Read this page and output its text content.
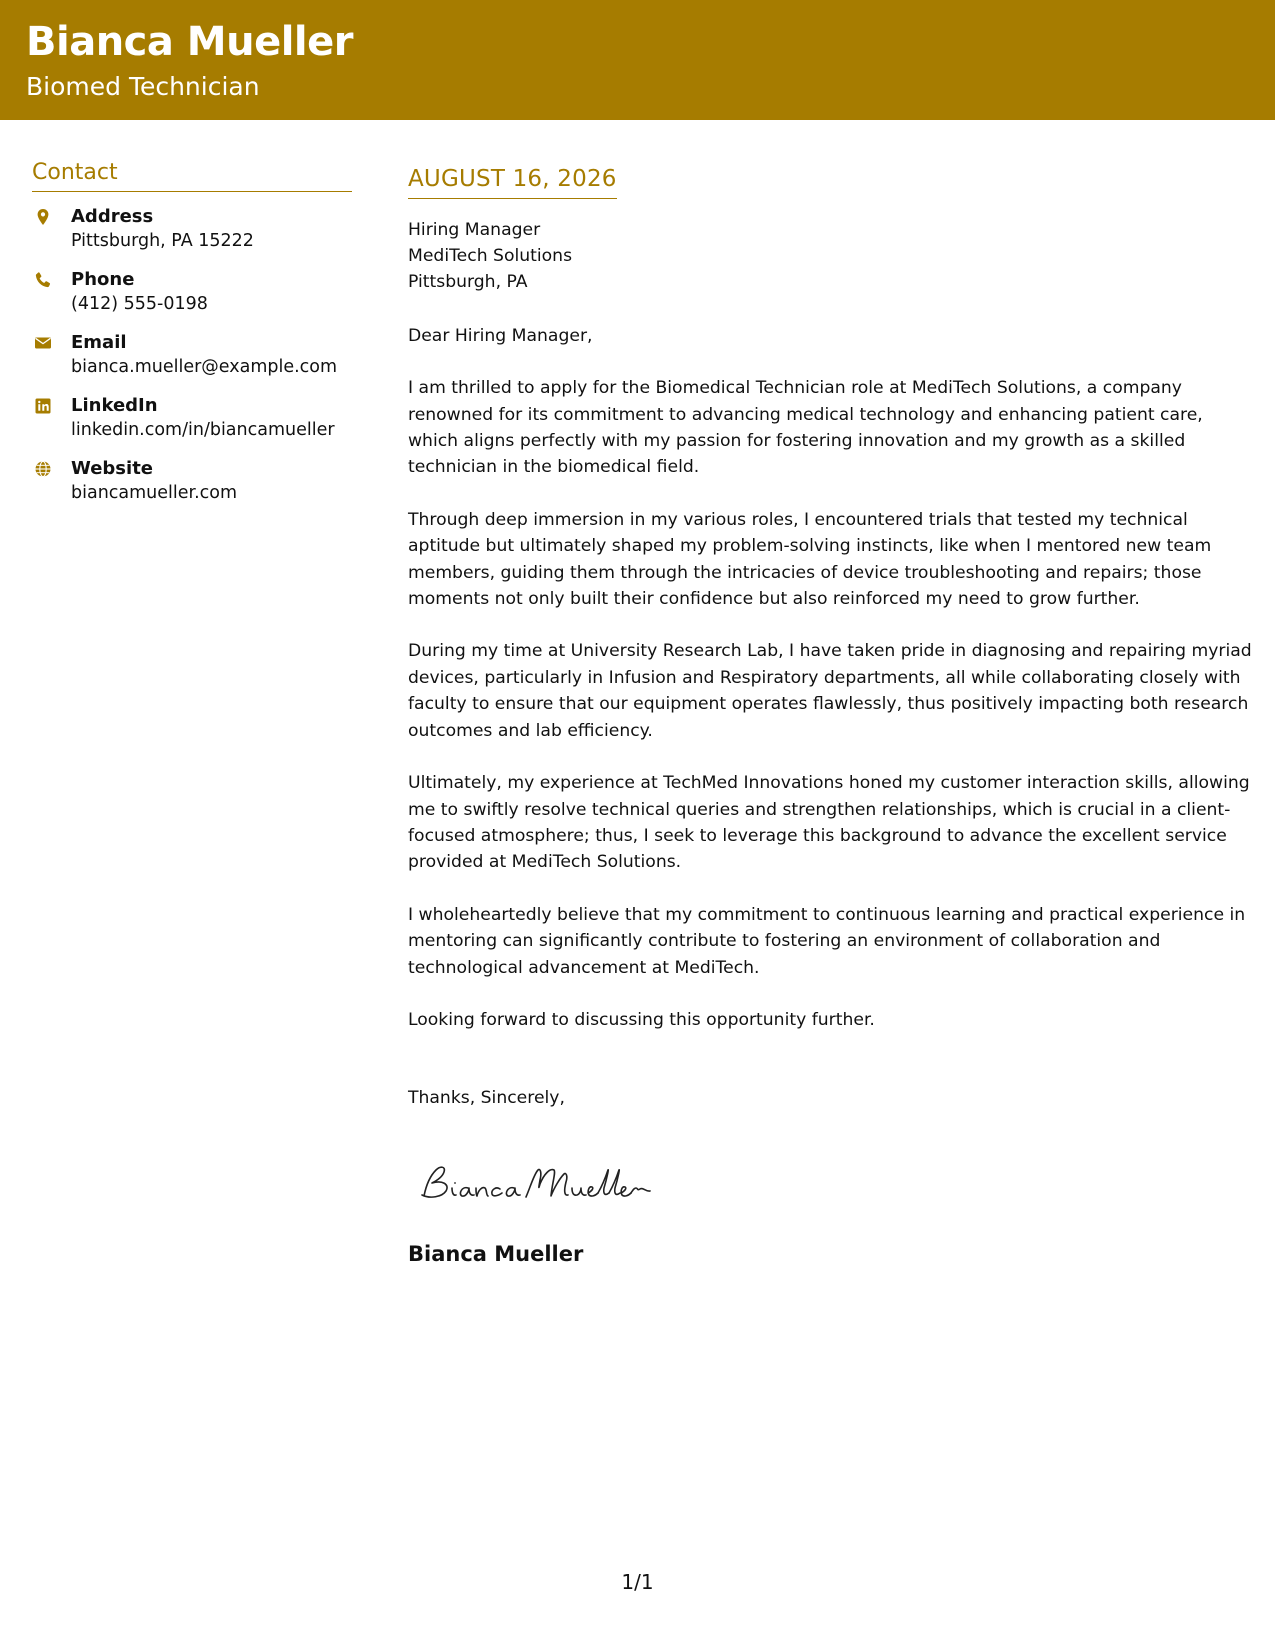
Bianca Mueller
Biomed Technician
Contact
Address
Pittsburgh, PA 15222
Phone
(412) 555-0198
Email
bianca.mueller@example.com
LinkedIn
linkedin.com/in/biancamueller
Website
biancamueller.com
AUGUST 16, 2026
Hiring Manager
MediTech Solutions
Pittsburgh, PA

Dear Hiring Manager,

I am thrilled to apply for the Biomedical Technician role at MediTech Solutions, a company renowned for its commitment to advancing medical technology and enhancing patient care, which aligns perfectly with my passion for fostering innovation and my growth as a skilled technician in the biomedical field.

Through deep immersion in my various roles, I encountered trials that tested my technical aptitude but ultimately shaped my problem-solving instincts, like when I mentored new team members, guiding them through the intricacies of device troubleshooting and repairs; those moments not only built their confidence but also reinforced my need to grow further.

During my time at University Research Lab, I have taken pride in diagnosing and repairing myriad devices, particularly in Infusion and Respiratory departments, all while collaborating closely with faculty to ensure that our equipment operates flawlessly, thus positively impacting both research outcomes and lab efficiency.

Ultimately, my experience at TechMed Innovations honed my customer interaction skills, allowing me to swiftly resolve technical queries and strengthen relationships, which is crucial in a client-focused atmosphere; thus, I seek to leverage this background to advance the excellent service provided at MediTech Solutions.

I wholeheartedly believe that my commitment to continuous learning and practical experience in mentoring can significantly contribute to fostering an environment of collaboration and technological advancement at MediTech.

Looking forward to discussing this opportunity further.

Thanks, Sincerely,

Bianca Mueller
1/1
